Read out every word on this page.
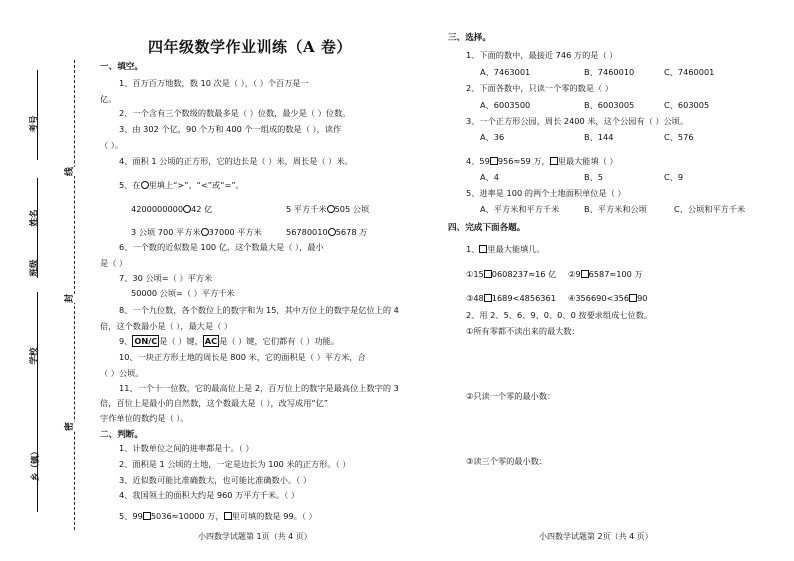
考号
姓名
班级
学校
乡（镇）
线
封
密
四年级数学作业训练（A 卷）
一、填空。
1、百万百万地数，数 10 次是（ ），（ ）个百万是一
亿。
2、一个含有三个数级的数最多是（ ）位数，最少是（ ）位数。
3、由 302 个亿，90 个万和 400 个一组成的数是（ ），读作
（ ）。
4、面积 1 公顷的正方形，它的边长是（ ）米，周长是（ ）米。
5、在 里填上“>”、“<”或“=”。
4200000000 42 亿	5 平方千米 505 公顷
3 公顷 700 平方米 37000 平方米	56780010 5678 万
6、一个数的近似数是 100 亿，这个数最大是（ ），最小
是（ ）
7、30 公顷=（ ）平方米
50000 公顷=（ ）平方千米
8、一个九位数，各个数位上的数字和为 15，其中万位上的数字是亿位上的 4
倍，这个数最小是（ ），最大是（ ）
9、 ON/C 是（ ）键， AC 是（ ）键，它们都有（ ）功能。
10、一块正方形土地的周长是 800 米，它的面积是（ ）平方米，合
（ ）公顷。
11、一个十一位数，它的最高位上是 2，百万位上的数字是最高位上数字的 3
倍，百位上是最小的自然数，这个数最大是（ ），改写成用“亿”
字作单位的数约是（ ）。
二、判断。
1、计数单位之间的进率都是十。（ ）
2、面积是 1 公顷的土地，一定是边长为 100 米的正方形。（ ）
3、近似数可能比准确数大，也可能比准确数小。（ ）
4、我国领土的面积大约是 960 万平方千米。（ ）
5、99 5036≈10000 万， 里可填的数是 99。（ ）
小四数学试题第 1页（共 4 页）
三、选择。
1、下面的数中，最接近 746 万的是（ ）
A、7463001	B、7460010	C、7460001
2、下面各数中，只读一个零的数是（ ）
A、6003500	B、6003005	C、603005
3、一个正方形公园，周长 2400 米，这个公园有（ ）公顷。
A、36	B、144	C、576
4、59 956≈59 万， 里最大能填（ ）
A、4	B、5	C、9
5、进率是 100 的两个土地面积单位是（ ）
A、平方米和平方千米	B、平方米和公顷	C、公顷和平方千米
四、完成下面各题。
1、 里最大能填几。
①15 0608237≈16 亿 ②9 6587≈100 万
③48 1689<4856361 ④356690<356 90
2、用 2、5、6、9、0、0、0 按要求组成七位数。
①所有零都不读出来的最大数：
②只读一个零的最小数：
③读三个零的最小数：
小四数学试题第 2页（共 4 页）
